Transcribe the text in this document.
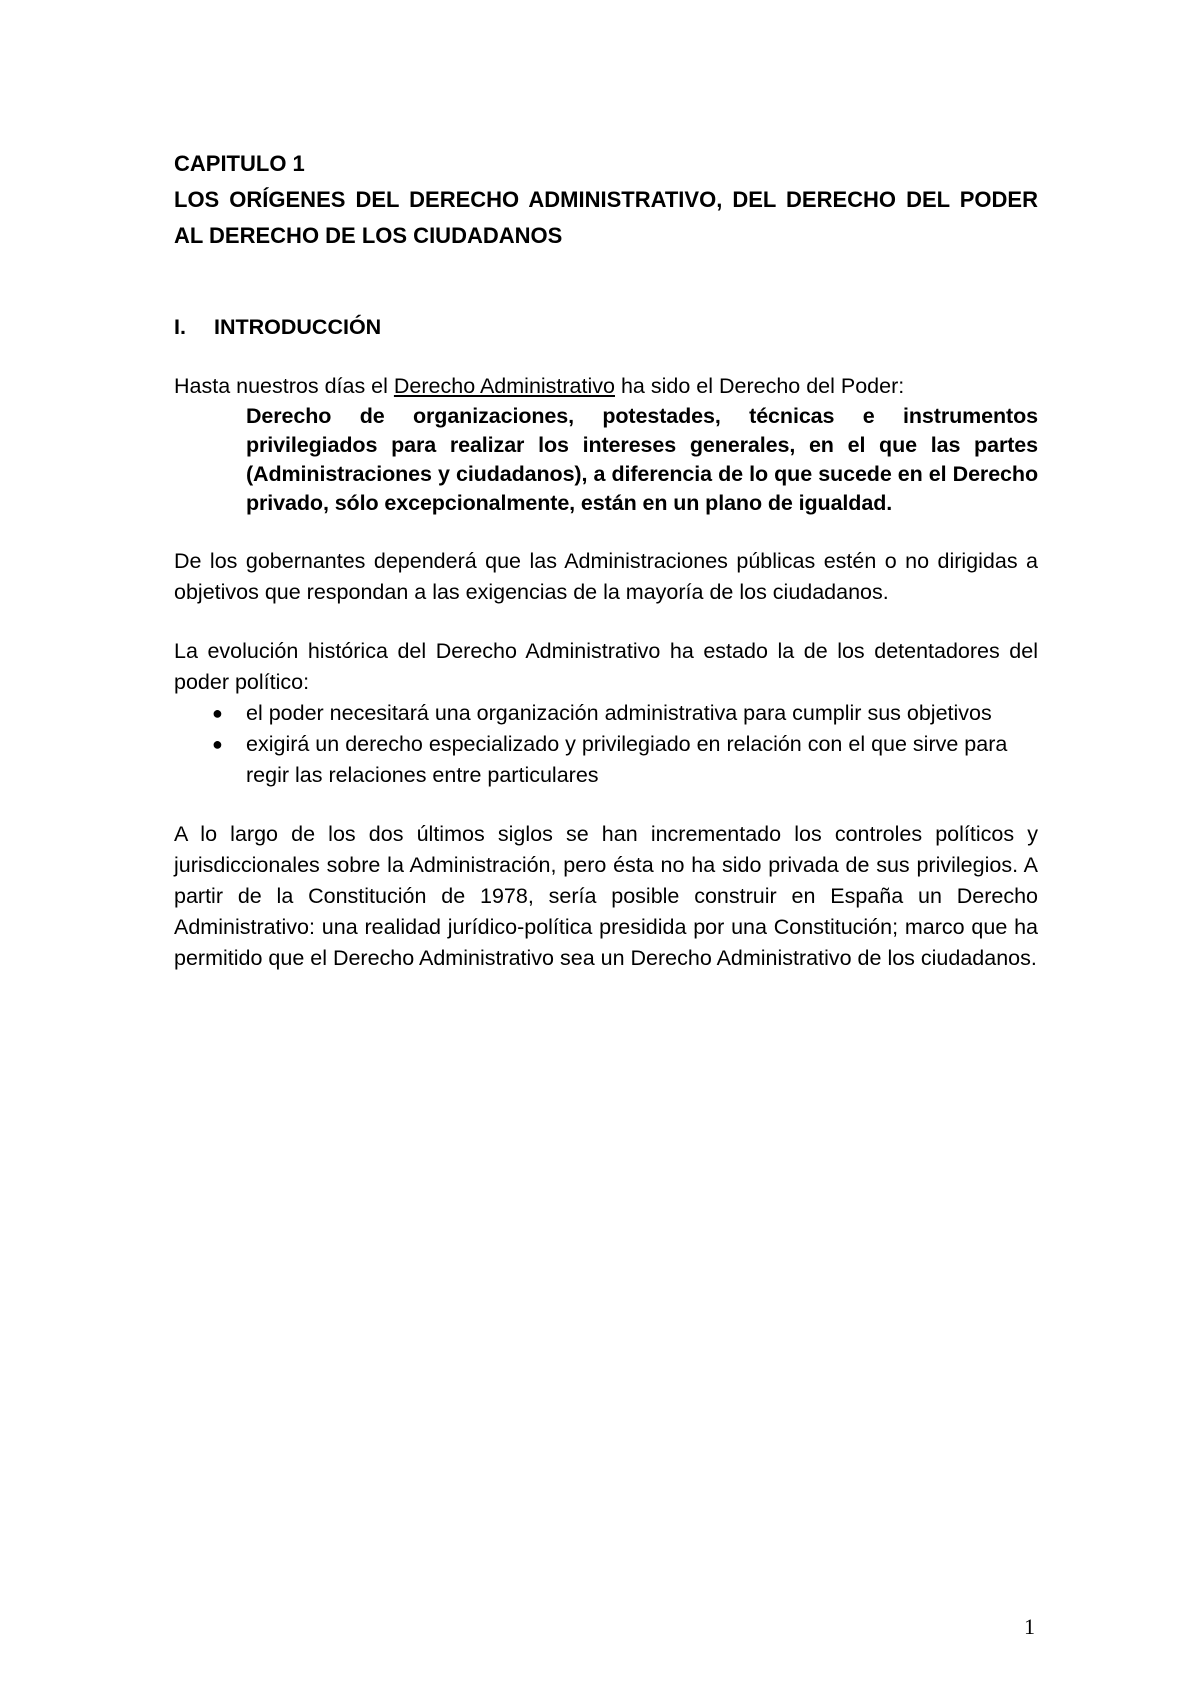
CAPITULO 1
LOS ORÍGENES DEL DERECHO ADMINISTRATIVO, DEL DERECHO DEL PODER AL DERECHO DE LOS CIUDADANOS
I.	INTRODUCCIÓN

Hasta nuestros días el Derecho Administrativo ha sido el Derecho del Poder:

Derecho de organizaciones, potestades, técnicas e instrumentos privilegiados para realizar los intereses generales, en el que las partes (Administraciones y ciudadanos), a diferencia de lo que sucede en el Derecho privado, sólo excepcionalmente, están en un plano de igualdad.

De los gobernantes dependerá que las Administraciones públicas estén o no dirigidas a objetivos que respondan a las exigencias de la mayoría de los ciudadanos.

La evolución histórica del Derecho Administrativo ha estado la de los detentadores del poder político:

● el poder necesitará una organización administrativa para cumplir sus objetivos
● exigirá un derecho especializado y privilegiado en relación con el que sirve para regir las relaciones entre particulares

A lo largo de los dos últimos siglos se han incrementado los controles políticos y jurisdiccionales sobre la Administración, pero ésta no ha sido privada de sus privilegios. A partir de la Constitución de 1978, sería posible construir en España un Derecho Administrativo: una realidad jurídico-política presidida por una Constitución; marco que ha permitido que el Derecho Administrativo sea un Derecho Administrativo de los ciudadanos.

1
